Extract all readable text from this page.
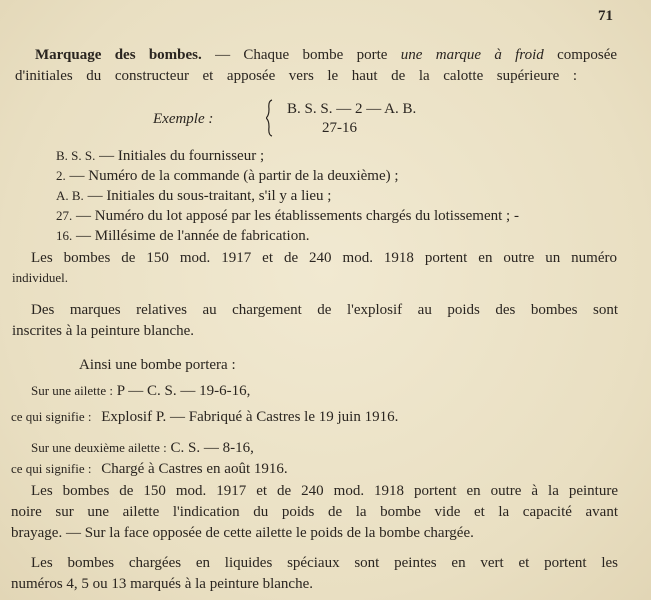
71
Marquage des bombes. — Chaque bombe porte une marque à froid composée
d'initiales du constructeur et apposée vers le haut de la calotte supérieure :
Exemple :
B. S. S. — 2 — A. B.
27-16
B. S. S. — Initiales du fournisseur ;
2. — Numéro de la commande (à partir de la deuxième) ;
A. B. — Initiales du sous-traitant, s'il y a lieu ;
27. — Numéro du lot apposé par les établissements chargés du lotissement ; -
16. — Millésime de l'année de fabrication.
Les bombes de 150 mod. 1917 et de 240 mod. 1918 portent en outre un numéro
individuel.
Des marques relatives au chargement de l'explosif au poids des bombes sont
inscrites à la peinture blanche.
Ainsi une bombe portera :
Sur une ailette : P — C. S. — 19-6-16,
ce qui signifie : Explosif P. — Fabriqué à Castres le 19 juin 1916.
Sur une deuxième ailette : C. S. — 8-16,
ce qui signifie : Chargé à Castres en août 1916.
Les bombes de 150 mod. 1917 et de 240 mod. 1918 portent en outre à la peinture
noire sur une ailette l'indication du poids de la bombe vide et la capacité avant
brayage. — Sur la face opposée de cette ailette le poids de la bombe chargée.
Les bombes chargées en liquides spéciaux sont peintes en vert et portent les
numéros 4, 5 ou 13 marqués à la peinture blanche.
